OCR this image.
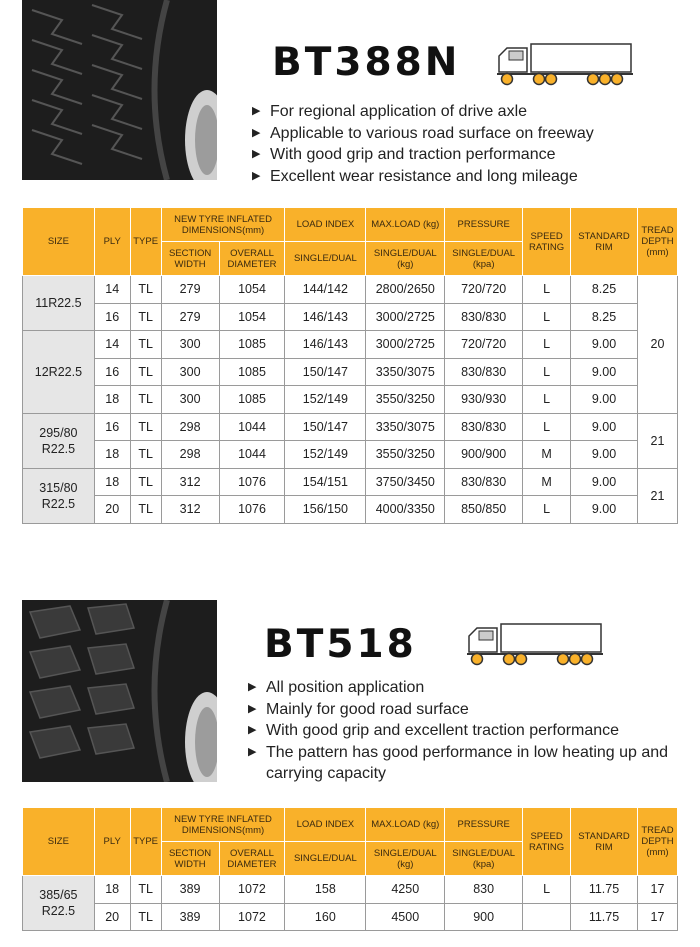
BT388N
▶ For regional application of drive axle
▶ Applicable to various road surface on freeway
▶ With good grip and traction performance
▶ Excellent wear resistance and long mileage
SIZE	PLY	TYPE	NEW TYRE INFLATED DIMENSIONS(mm)		LOAD INDEX	MAX.LOAD (kg)	PRESSURE	SPEED RATING	STANDARD RIM	TREAD DEPTH (mm)
			SECTION WIDTH	OVERALL DIAMETER	SINGLE/DUAL	SINGLE/DUAL (kg)	SINGLE/DUAL (kpa)			
11R22.5	14	TL	279	1054	144/142	2800/2650	720/720	L	8.25	20
	16	TL	279	1054	146/143	3000/2725	830/830	L	8.25	
12R22.5	14	TL	300	1085	146/143	3000/2725	720/720	L	9.00	
	16	TL	300	1085	150/147	3350/3075	830/830	L	9.00	
	18	TL	300	1085	152/149	3550/3250	930/930	L	9.00	
295/80 R22.5	16	TL	298	1044	150/147	3350/3075	830/830	L	9.00	21
	18	TL	298	1044	152/149	3550/3250	900/900	M	9.00	
315/80 R22.5	18	TL	312	1076	154/151	3750/3450	830/830	M	9.00	21
	20	TL	312	1076	156/150	4000/3350	850/850	L	9.00	
BT518
▶ All position application
▶ Mainly for good road surface
▶ With good grip and excellent traction performance
▶ The pattern has good performance in low heating up and carrying capacity
SIZE	PLY	TYPE	NEW TYRE INFLATED DIMENSIONS(mm)		LOAD INDEX	MAX.LOAD (kg)	PRESSURE	SPEED RATING	STANDARD RIM	TREAD DEPTH (mm)
			SECTION WIDTH	OVERALL DIAMETER	SINGLE/DUAL	SINGLE/DUAL (kg)	SINGLE/DUAL (kpa)			
385/65 R22.5	18	TL	389	1072	158	4250	830	L	11.75	17
	20	TL	389	1072	160	4500	900		11.75	17
